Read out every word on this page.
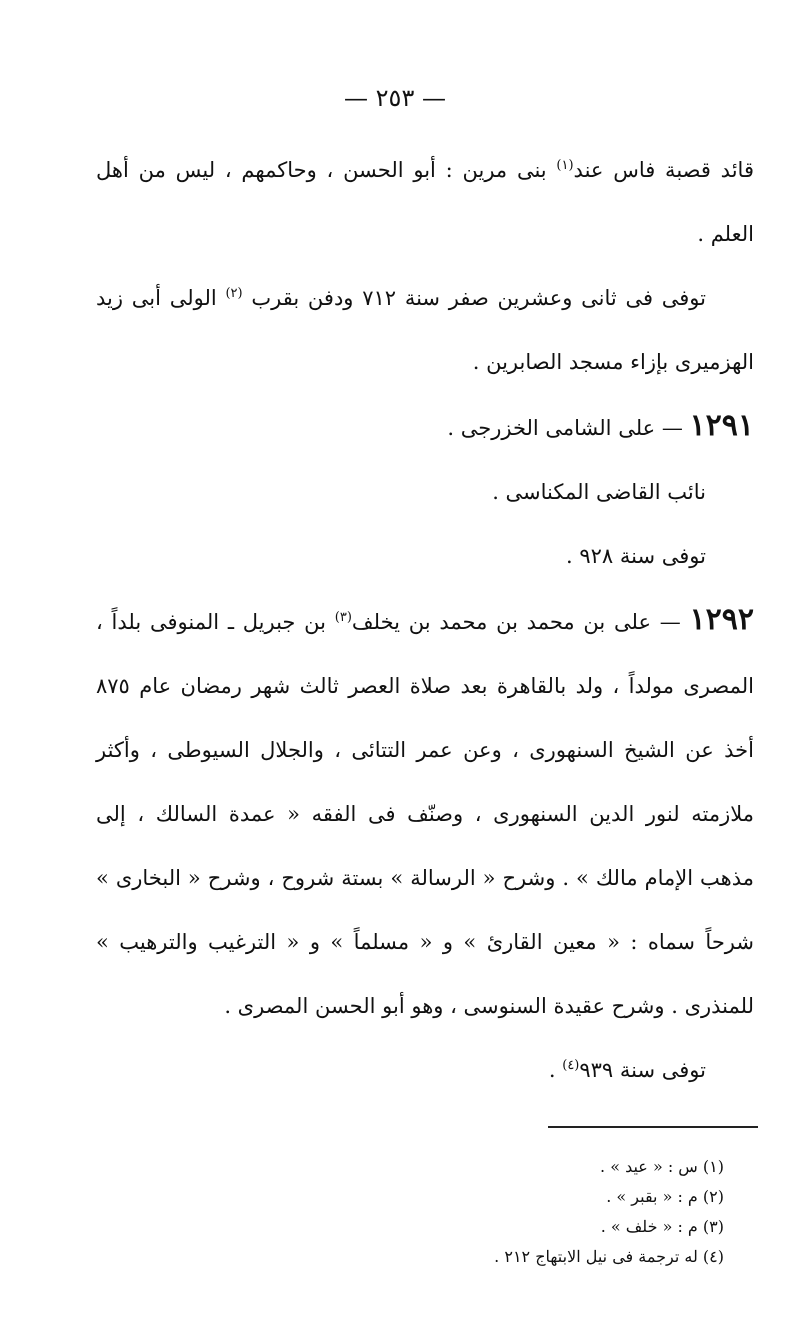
— ٢٥٣ —

قائد قصبة فاس عند$^{(١)}$ بنى مرين : أبو الحسن ، وحاكمهم ، ليس من أهل العلم .

توفى فى ثانى وعشرين صفر سنة ٧١٢ ودفن بقرب $^{(٢)}$ الولى أبى زيد الهزميرى بإزاء مسجد الصابرين .

١٢٩١ — على الشامى الخزرجى .

نائب القاضى المكناسى .

توفى سنة ٩٢٨ .

١٢٩٢ — على بن محمد بن محمد بن يخلف$^{(٣)}$ بن جبريل ـ المنوفى بلداً ، المصرى مولداً ، ولد بالقاهرة بعد صلاة العصر ثالث شهر رمضان عام ٨٧٥ أخذ عن الشيخ السنهورى ، وعن عمر التتائى ، والجلال السيوطى ، وأكثر ملازمته لنور الدين السنهورى ، وصنّف فى الفقه « عمدة السالك ، إلى مذهب الإمام مالك » . وشرح « الرسالة » بستة شروح ، وشرح « البخارى » شرحاً سماه : « معين القارئ » و « مسلماً » و « الترغيب والترهيب » للمنذرى . وشرح عقيدة السنوسى ، وهو أبو الحسن المصرى .

توفى سنة ٩٣٩$^{(٤)}$ .

(١) س : « عيد » .

(٢) م : « بقبر » .

(٣) م : « خلف » .

(٤) له ترجمة فى نيل الابتهاج ٢١٢ .
